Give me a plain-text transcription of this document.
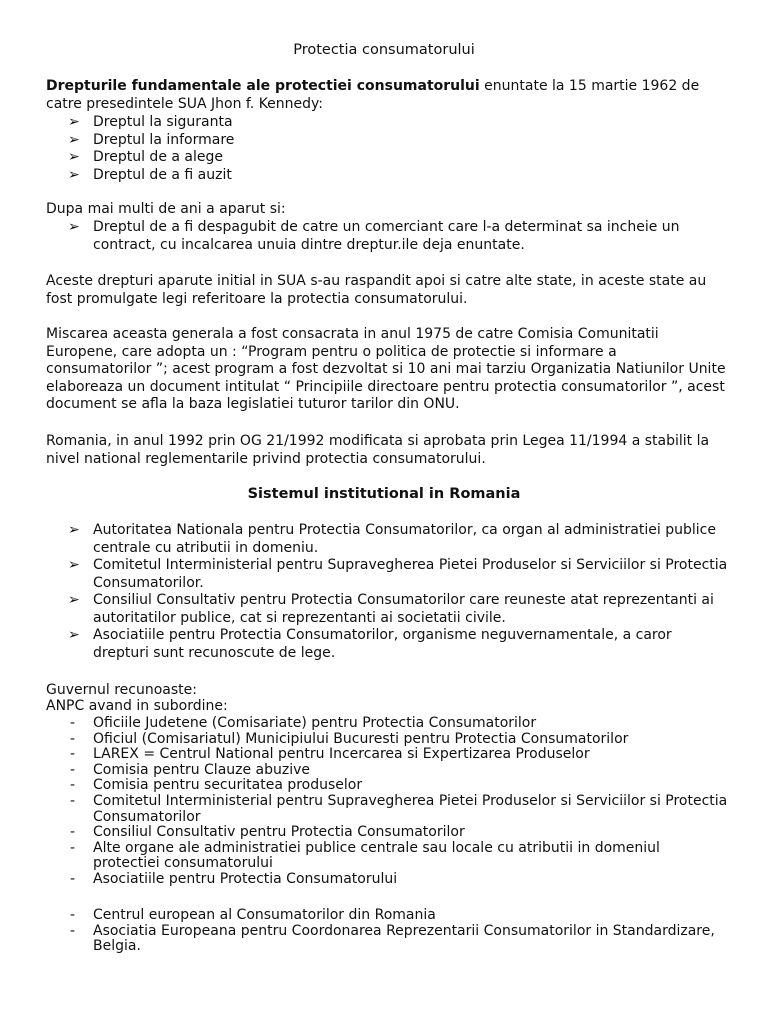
Protectia consumatorului
Drepturile fundamentale ale protectiei consumatorului enuntate la 15 martie 1962 de catre presedintele SUA Jhon f. Kennedy:
➢ Dreptul la siguranta
➢ Dreptul la informare
➢ Dreptul de a alege
➢ Dreptul de a fi auzit
Dupa mai multi de ani a aparut si:
➢ Dreptul de a fi despagubit de catre un comerciant care l-a determinat sa incheie un contract, cu incalcarea unuia dintre dreptur.ile deja enuntate.
Aceste drepturi aparute initial in SUA s-au raspandit apoi si catre alte state, in aceste state au fost promulgate legi referitoare la protectia consumatorului.
Miscarea aceasta generala a fost consacrata in anul 1975 de catre Comisia Comunitatii Europene, care adopta un : “Program pentru o politica de protectie si informare a consumatorilor ”; acest program a fost dezvoltat si 10 ani mai tarziu Organizatia Natiunilor Unite elaboreaza un document intitulat “ Principiile directoare pentru protectia consumatorilor ”, acest document se afla la baza legislatiei tuturor tarilor din ONU.
Romania, in anul 1992 prin OG 21/1992 modificata si aprobata prin Legea 11/1994 a stabilit la nivel national reglementarile privind protectia consumatorului.
Sistemul institutional in Romania
➢ Autoritatea Nationala pentru Protectia Consumatorilor, ca organ al administratiei publice centrale cu atributii in domeniu.
➢ Comitetul Interministerial pentru Supravegherea Pietei Produselor si Serviciilor si Protectia Consumatorilor.
➢ Consiliul Consultativ pentru Protectia Consumatorilor care reuneste atat reprezentanti ai autoritatilor publice, cat si reprezentanti ai societatii civile.
➢ Asociatiile pentru Protectia Consumatorilor, organisme neguvernamentale, a caror drepturi sunt recunoscute de lege.
Guvernul recunoaste:
ANPC avand in subordine:
- Oficiile Judetene (Comisariate) pentru Protectia Consumatorilor
- Oficiul (Comisariatul) Municipiului Bucuresti pentru Protectia Consumatorilor
- LAREX = Centrul National pentru Incercarea si Expertizarea Produselor
- Comisia pentru Clauze abuzive
- Comisia pentru securitatea produselor
- Comitetul Interministerial pentru Supravegherea Pietei Produselor si Serviciilor si Protectia Consumatorilor
- Consiliul Consultativ pentru Protectia Consumatorilor
- Alte organe ale administratiei publice centrale sau locale cu atributii in domeniul protectiei consumatorului
- Asociatiile pentru Protectia Consumatorului
- Centrul european al Consumatorilor din Romania
- Asociatia Europeana pentru Coordonarea Reprezentarii Consumatorilor in Standardizare, Belgia.
